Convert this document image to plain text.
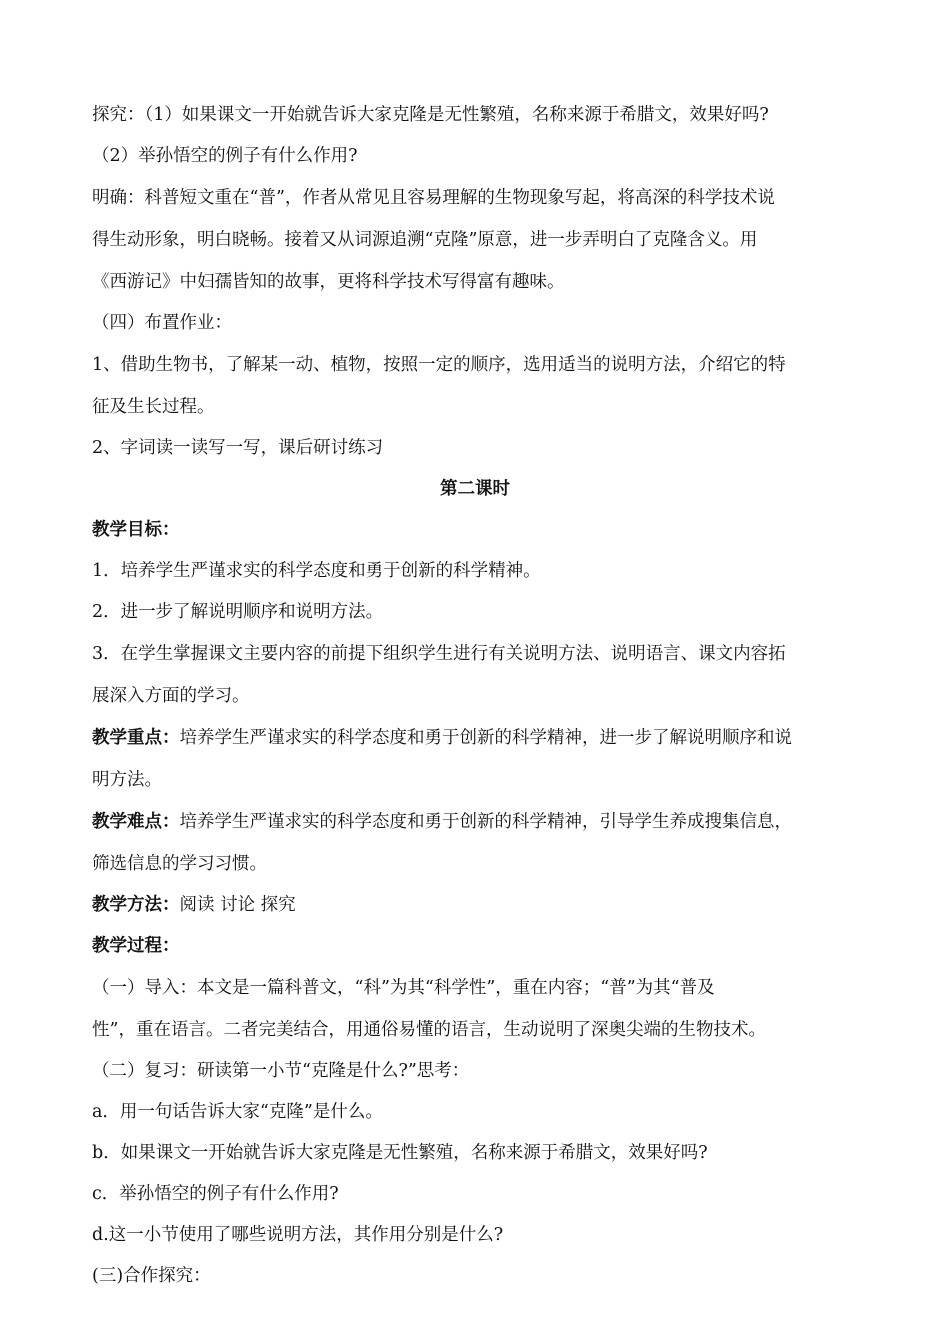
探究：（1）如果课文一开始就告诉大家克隆是无性繁殖，名称来源于希腊文，效果好吗?

（2）举孙悟空的例子有什么作用?

明确：科普短文重在“普”，作者从常见且容易理解的生物现象写起，将高深的科学技术说
得生动形象，明白晓畅。接着又从词源追溯“克隆”原意，进一步弄明白了克隆含义。用
《西游记》中妇孺皆知的故事，更将科学技术写得富有趣味。

（四）布置作业：

1、借助生物书，了解某一动、植物，按照一定的顺序，选用适当的说明方法，介绍它的特
征及生长过程。

2、字词读一读写一写，课后研讨练习

第二课时

教学目标：

1．培养学生严谨求实的科学态度和勇于创新的科学精神。

2．进一步了解说明顺序和说明方法。

3．在学生掌握课文主要内容的前提下组织学生进行有关说明方法、说明语言、课文内容拓
展深入方面的学习。

教学重点：培养学生严谨求实的科学态度和勇于创新的科学精神，进一步了解说明顺序和说
明方法。

教学难点：培养学生严谨求实的科学态度和勇于创新的科学精神，引导学生养成搜集信息，
筛选信息的学习习惯。

教学方法：阅读 讨论 探究

教学过程：

（一）导入：本文是一篇科普文，“科”为其“科学性”，重在内容；“普”为其“普及
性”，重在语言。二者完美结合，用通俗易懂的语言，生动说明了深奥尖端的生物技术。

（二）复习：研读第一小节“克隆是什么?”思考：

a．用一句话告诉大家“克隆”是什么。

b．如果课文一开始就告诉大家克隆是无性繁殖，名称来源于希腊文，效果好吗?

c．举孙悟空的例子有什么作用?

d.这一小节使用了哪些说明方法，其作用分别是什么?

(三)合作探究：
